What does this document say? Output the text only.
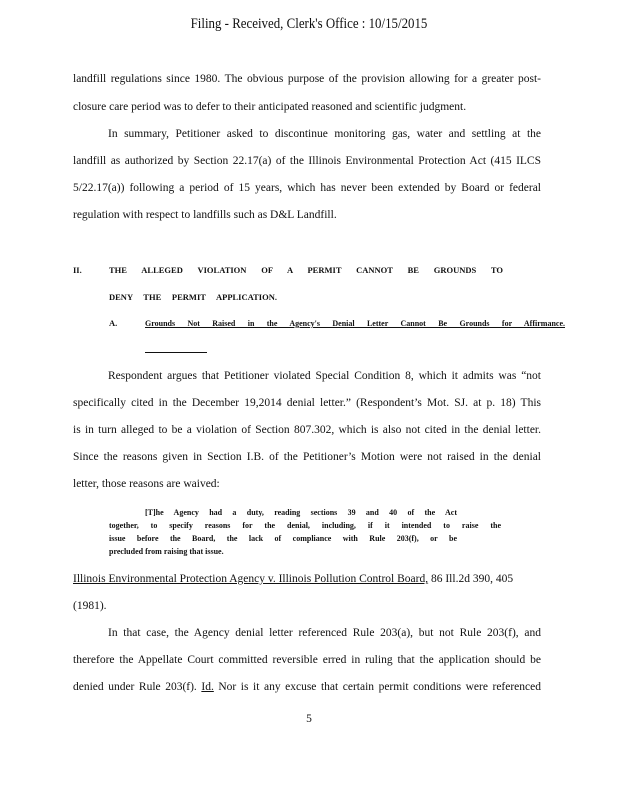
Filing - Received, Clerk's Office : 10/15/2015
landfill regulations since 1980. The obvious purpose of the provision allowing for a greater post-
closure care period was to defer to their anticipated reasoned and scientific judgment.
In summary, Petitioner asked to discontinue monitoring gas, water and settling at the
landfill as authorized by Section 22.17(a) of the Illinois Environmental Protection Act (415 ILCS
5/22.17(a)) following a period of 15 years, which has never been extended by Board or federal
regulation with respect to landfills such as D&L Landfill.
II.	THE ALLEGED VIOLATION OF A PERMIT CANNOT BE GROUNDS TO
DENY THE PERMIT APPLICATION.
A.	Grounds Not Raised in the Agency's Denial Letter Cannot Be Grounds for Affirmance.
Respondent argues that Petitioner violated Special Condition 8, which it admits was “not
specifically cited in the December 19,2014 denial letter.” (Respondent’s Mot. SJ. at p. 18) This
is in turn alleged to be a violation of Section 807.302, which is also not cited in the denial letter.
Since the reasons given in Section I.B. of the Petitioner’s Motion were not raised in the denial
letter, those reasons are waived:
[T]he Agency had a duty, reading sections 39 and 40 of the Act
together, to specify reasons for the denial, including, if it intended to raise the
issue before the Board, the lack of compliance with Rule 203(f), or be
precluded from raising that issue.
Illinois Environmental Protection Agency v. Illinois Pollution Control Board, 86 Ill.2d 390, 405
(1981).
In that case, the Agency denial letter referenced Rule 203(a), but not Rule 203(f), and
therefore the Appellate Court committed reversible erred in ruling that the application should be
denied under Rule 203(f). Id. Nor is it any excuse that certain permit conditions were referenced
5
